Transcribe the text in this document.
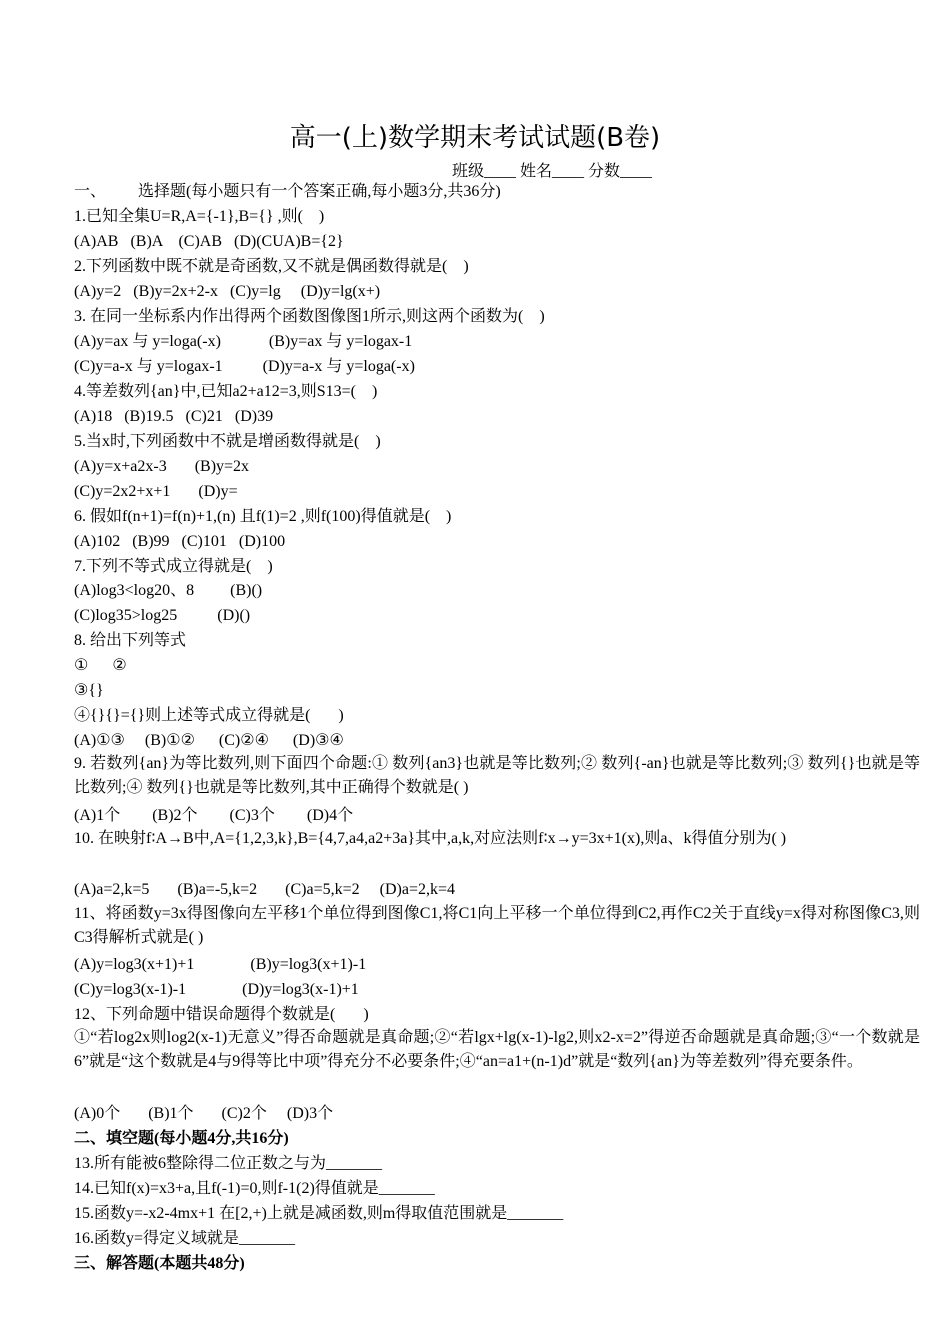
高一(上)数学期末考试试题(B卷)
班级____ 姓名____ 分数____
一、        选择题(每小题只有一个答案正确,每小题3分,共36分)
1.已知全集U=R,A={-1},B={} ,则(    )
(A)AB   (B)A    (C)AB   (D)(CUA)B={2}
2.下列函数中既不就是奇函数,又不就是偶函数得就是(    )
(A)y=2   (B)y=2x+2-x   (C)y=lg     (D)y=lg(x+)
3. 在同一坐标系内作出得两个函数图像图1所示,则这两个函数为(    )
(A)y=ax 与 y=loga(-x)            (B)y=ax 与 y=logax-1
(C)y=a-x 与 y=logax-1          (D)y=a-x 与 y=loga(-x)
4.等差数列{an}中,已知a2+a12=3,则S13=(    )
(A)18   (B)19.5   (C)21   (D)39
5.当x时,下列函数中不就是增函数得就是(    )
(A)y=x+a2x-3       (B)y=2x
(C)y=2x2+x+1       (D)y=
6. 假如f(n+1)=f(n)+1,(n) 且f(1)=2 ,则f(100)得值就是(    )
(A)102   (B)99   (C)101   (D)100
7.下列不等式成立得就是(    )
(A)log3<log20、8         (B)()
(C)log35>log25          (D)()
8. 给出下列等式
①      ②
③{}
④{}{}={}则上述等式成立得就是(       )
(A)①③     (B)①②      (C)②④      (D)③④
9. 若数列{an}为等比数列,则下面四个命题:① 数列{an3}也就是等比数列;② 数列{-an}也就是等比数列;③ 数列{}也就是等比数列;④ 数列{}也就是等比数列,其中正确得个数就是( )
(A)1个        (B)2个        (C)3个        (D)4个
10. 在映射f∶A→B中,A={1,2,3,k},B={4,7,a4,a2+3a}其中,a,k,对应法则f∶x→y=3x+1(x),则a、k得值分别为( )
(A)a=2,k=5       (B)a=-5,k=2       (C)a=5,k=2     (D)a=2,k=4
11、将函数y=3x得图像向左平移1个单位得到图像C1,将C1向上平移一个单位得到C2,再作C2关于直线y=x得对称图像C3,则C3得解析式就是( )
(A)y=log3(x+1)+1              (B)y=log3(x+1)-1
(C)y=log3(x-1)-1              (D)y=log3(x-1)+1
12、下列命题中错误命题得个数就是(       )
①“若log2x则log2(x-1)无意义”得否命题就是真命题;②“若lgx+lg(x-1)-lg2,则x2-x=2”得逆否命题就是真命题;③“一个数就是6”就是“这个数就是4与9得等比中项”得充分不必要条件;④“an=a1+(n-1)d”就是“数列{an}为等差数列”得充要条件。
(A)0个       (B)1个       (C)2个     (D)3个
二、填空题(每小题4分,共16分)
13.所有能被6整除得二位正数之与为_______
14.已知f(x)=x3+a,且f(-1)=0,则f-1(2)得值就是_______
15.函数y=-x2-4mx+1 在[2,+)上就是减函数,则m得取值范围就是_______
16.函数y=得定义域就是_______
三、解答题(本题共48分)
